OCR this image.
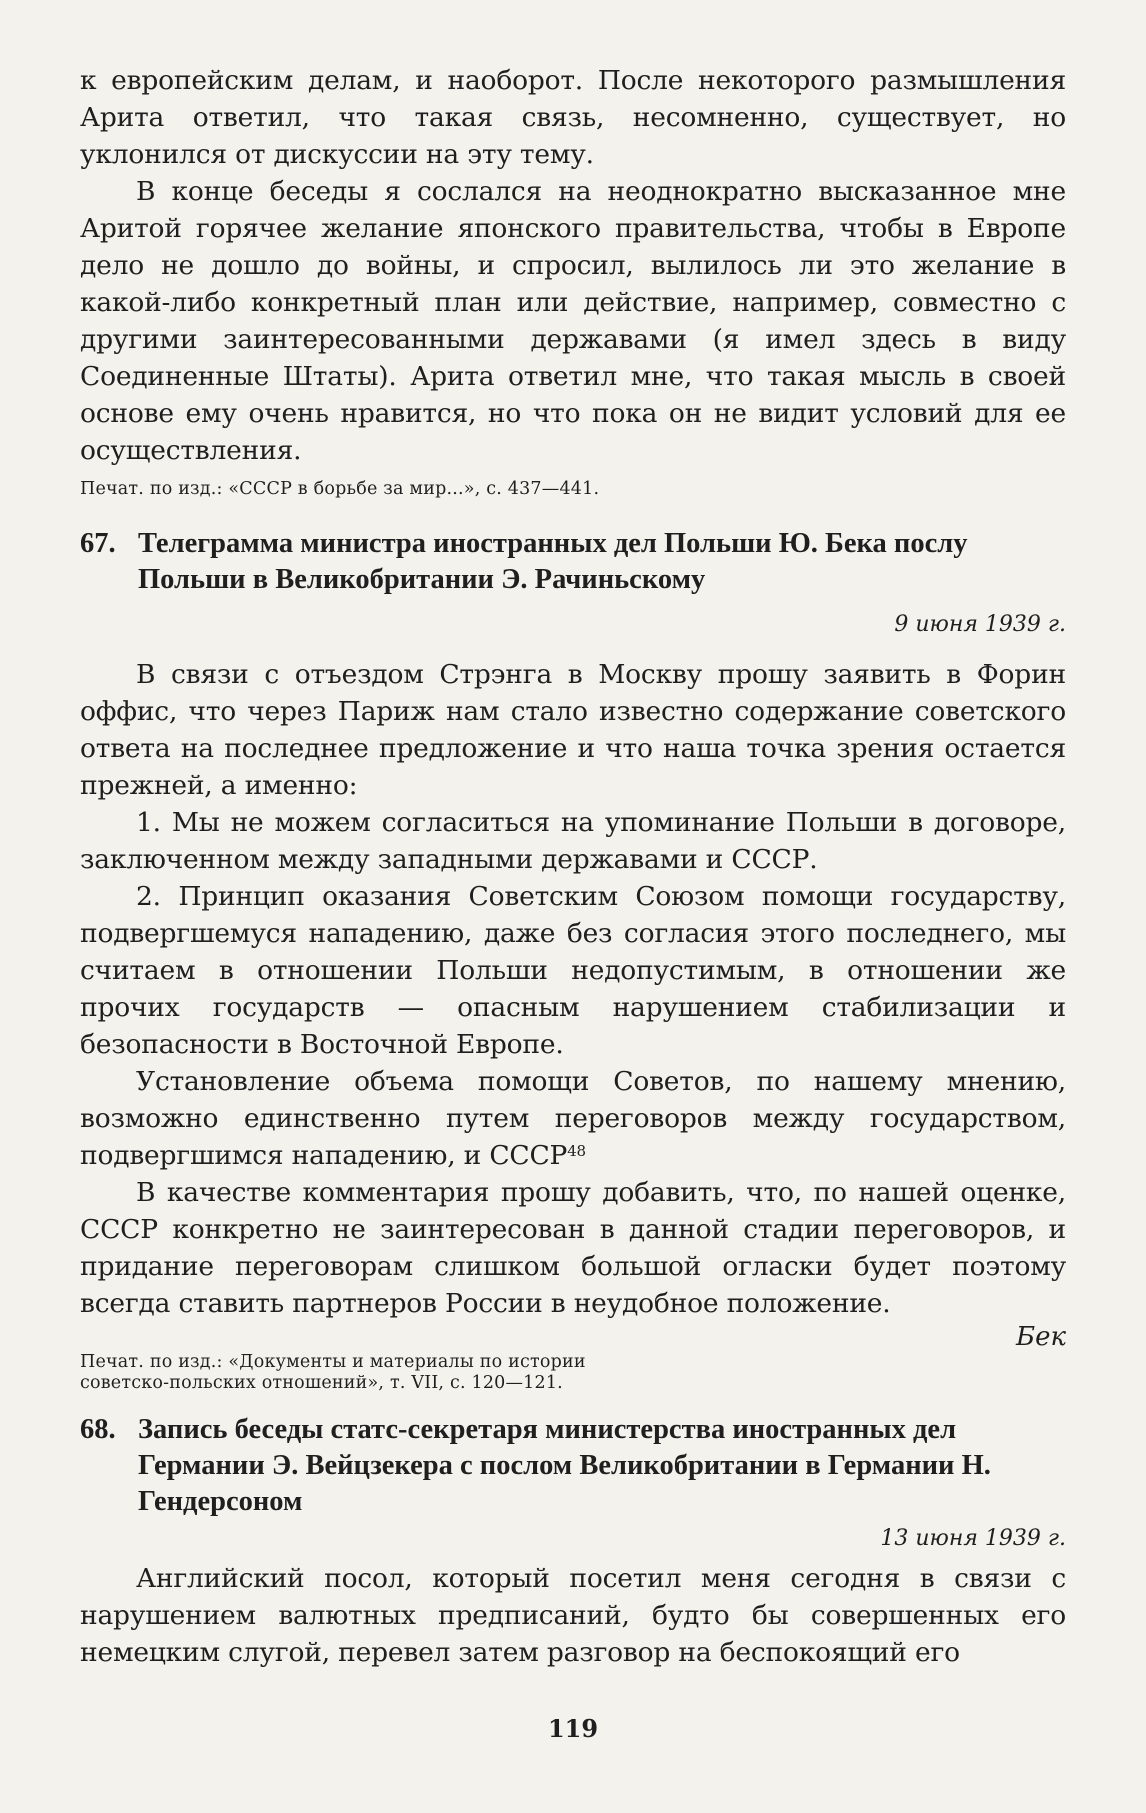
к европейским делам, и наоборот. После некоторого размышления Арита ответил, что такая связь, несомненно, существует, но уклонился от дискуссии на эту тему.

В конце беседы я сослался на неоднократно высказанное мне Аритой горячее желание японского правительства, чтобы в Европе дело не дошло до войны, и спросил, вылилось ли это желание в какой-либо конкретный план или действие, например, совместно с другими заинтересованными державами (я имел здесь в виду Соединенные Штаты). Арита ответил мне, что такая мысль в своей основе ему очень нравится, но что пока он не видит условий для ее осуществления.

Печат. по изд.: «СССР в борьбе за мир...», с. 437—441.

67. Телеграмма министра иностранных дел Польши Ю. Бека послу Польши в Великобритании Э. Рачиньскому

9 июня 1939 г.

В связи с отъездом Стрэнга в Москву прошу заявить в Форин оффис, что через Париж нам стало известно содержание советского ответа на последнее предложение и что наша точка зрения остается прежней, а именно:

1. Мы не можем согласиться на упоминание Польши в договоре, заключенном между западными державами и СССР.

2. Принцип оказания Советским Союзом помощи государству, подвергшемуся нападению, даже без согласия этого последнего, мы считаем в отношении Польши недопустимым, в отношении же прочих государств — опасным нарушением стабилизации и безопасности в Восточной Европе.

Установление объема помощи Советов, по нашему мнению, возможно единственно путем переговоров между государством, подвергшимся нападению, и СССР$^{48}$

В качестве комментария прошу добавить, что, по нашей оценке, СССР конкретно не заинтересован в данной стадии переговоров, и придание переговорам слишком большой огласки будет поэтому всегда ставить партнеров России в неудобное положение.

Бек

Печат. по изд.: «Документы и материалы по истории советско-польских отношений», т. VII, с. 120—121.

68. Запись беседы статс-секретаря министерства иностранных дел Германии Э. Вейцзекера с послом Великобритании в Германии Н. Гендерсоном

13 июня 1939 г.

Английский посол, который посетил меня сегодня в связи с нарушением валютных предписаний, будто бы совершенных его немецким слугой, перевел затем разговор на беспокоящий его

119
